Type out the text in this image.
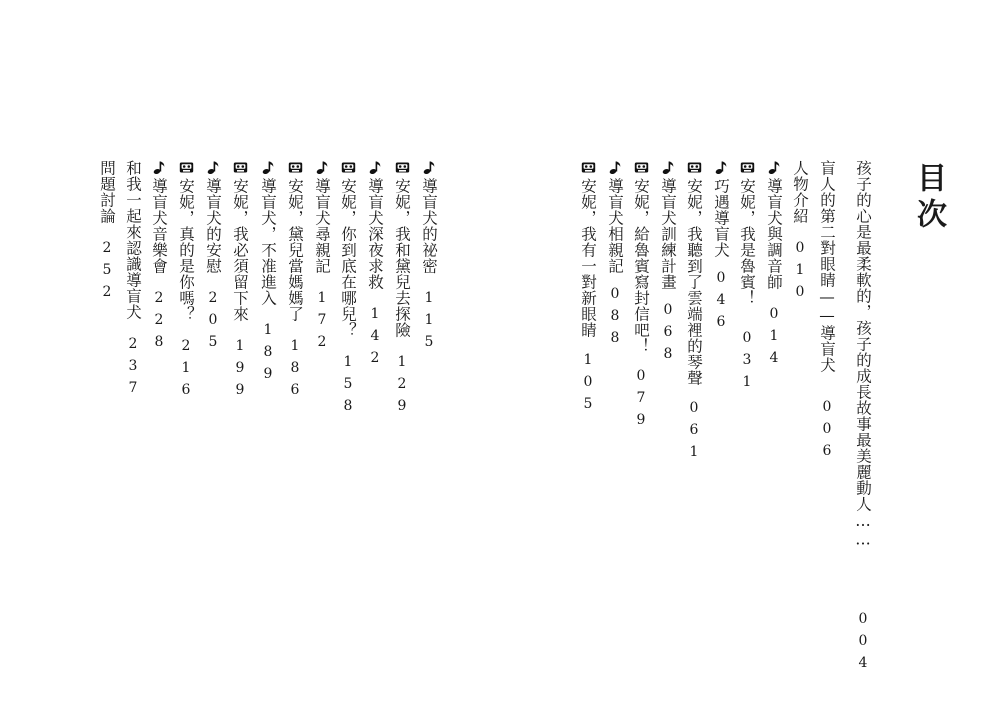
目次
孩子的心是最柔軟的，孩子的成長故事最美麗動人……
004
盲人的第二對眼睛——導盲犬
006
人物介紹
010
導盲犬與調音師
014
安妮，我是魯賓！
031
巧遇導盲犬
046
安妮，我聽到了雲端裡的琴聲
061
導盲犬訓練計畫
068
安妮，給魯賓寫封信吧！
079
導盲犬相親記
088
安妮，我有一對新眼睛
105
導盲犬的祕密
115
安妮，我和黛兒去探險
129
導盲犬深夜求救
142
安妮，你到底在哪兒？
158
導盲犬尋親記
172
安妮，黛兒當媽媽了
186
導盲犬，不准進入
189
安妮，我必須留下來
199
導盲犬的安慰
205
安妮，真的是你嗎？
216
導盲犬音樂會
228
和我一起來認識導盲犬
237
問題討論
252
